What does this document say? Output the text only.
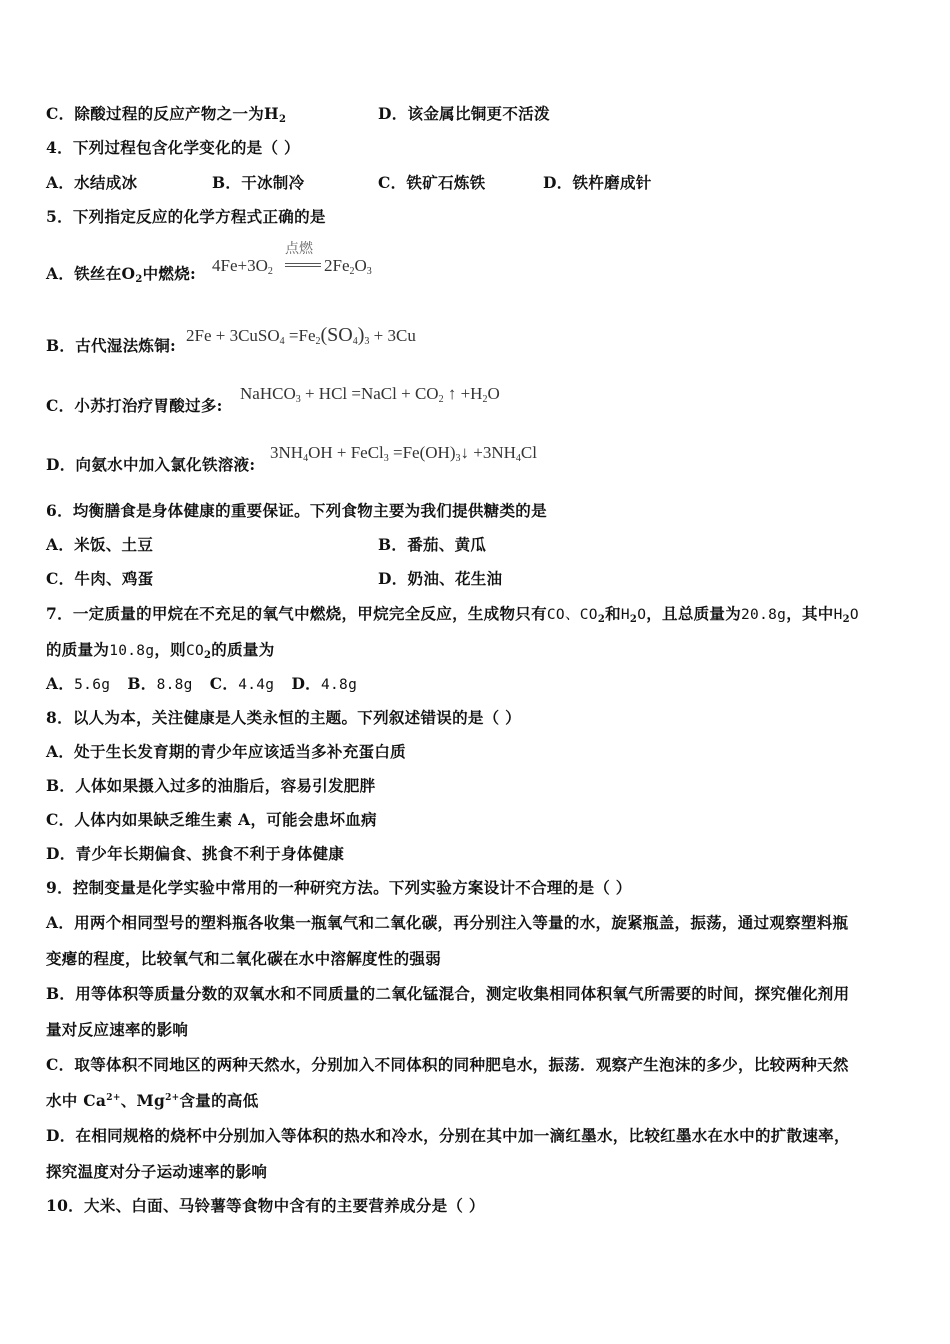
C．除酸过程的反应产物之一为$H_2$	D．该金属比铜更不活泼
4．下列过程包含化学变化的是（ ）
A．水结成冰	B．干冰制冷	C．铁矿石炼铁	D．铁杵磨成针
5．下列指定反应的化学方程式正确的是
A．铁丝在$O_2$中燃烧: $4Fe+3O_2$
点燃
$2Fe_2O_3$
B．古代湿法炼铜:
2Fe + 3CuSO$_4$ $=Fe_2(SO_4)_3 + 3Cu$
C．小苏打治疗胃酸过多:
NaHCO$_3$ + HCl =NaCl + $CO_2$ ↑ $+H_2O$
D．向氨水中加入氯化铁溶液:
$3NH_4OH$ + FeCl$_3$ $=Fe(OH)_3↓ +3NH_4Cl$
6．均衡膳食是身体健康的重要保证。下列食物主要为我们提供糖类的是
A．米饭、土豆	B．番茄、黄瓜
C．牛肉、鸡蛋	D．奶油、花生油
7．一定质量的甲烷在不充足的氧气中燃烧，甲烷完全反应，生成物只有CO、$CO_2$和$H_2O$，且总质量为20.8g，其中$H_2O$
的质量为10.8g，则$CO_2$的质量为
A．5.6g B．8.8g C．4.4g D．4.8g
8．以人为本，关注健康是人类永恒的主题。下列叙述错误的是（ ）
A．处于生长发育期的青少年应该适当多补充蛋白质
B．人体如果摄入过多的油脂后，容易引发肥胖
C．人体内如果缺乏维生素 A，可能会患坏血病
D．青少年长期偏食、挑食不利于身体健康
9．控制变量是化学实验中常用的一种研究方法。下列实验方案设计不合理的是（ ）
A．用两个相同型号的塑料瓶各收集一瓶氧气和二氧化碳，再分别注入等量的水，旋紧瓶盖，振荡，通过观察塑料瓶
变瘪的程度，比较氧气和二氧化碳在水中溶解度性的强弱
B．用等体积等质量分数的双氧水和不同质量的二氧化锰混合，测定收集相同体积氧气所需要的时间，探究催化剂用
量对反应速率的影响
C．取等体积不同地区的两种天然水，分别加入不同体积的同种肥皂水，振荡．观察产生泡沫的多少，比较两种天然
水中 $Ca^{2+}$、$Mg^{2+}$含量的高低
D．在相同规格的烧杯中分别加入等体积的热水和冷水，分别在其中加一滴红墨水，比较红墨水在水中的扩散速率，
探究温度对分子运动速率的影响
10．大米、白面、马铃薯等食物中含有的主要营养成分是（ ）
